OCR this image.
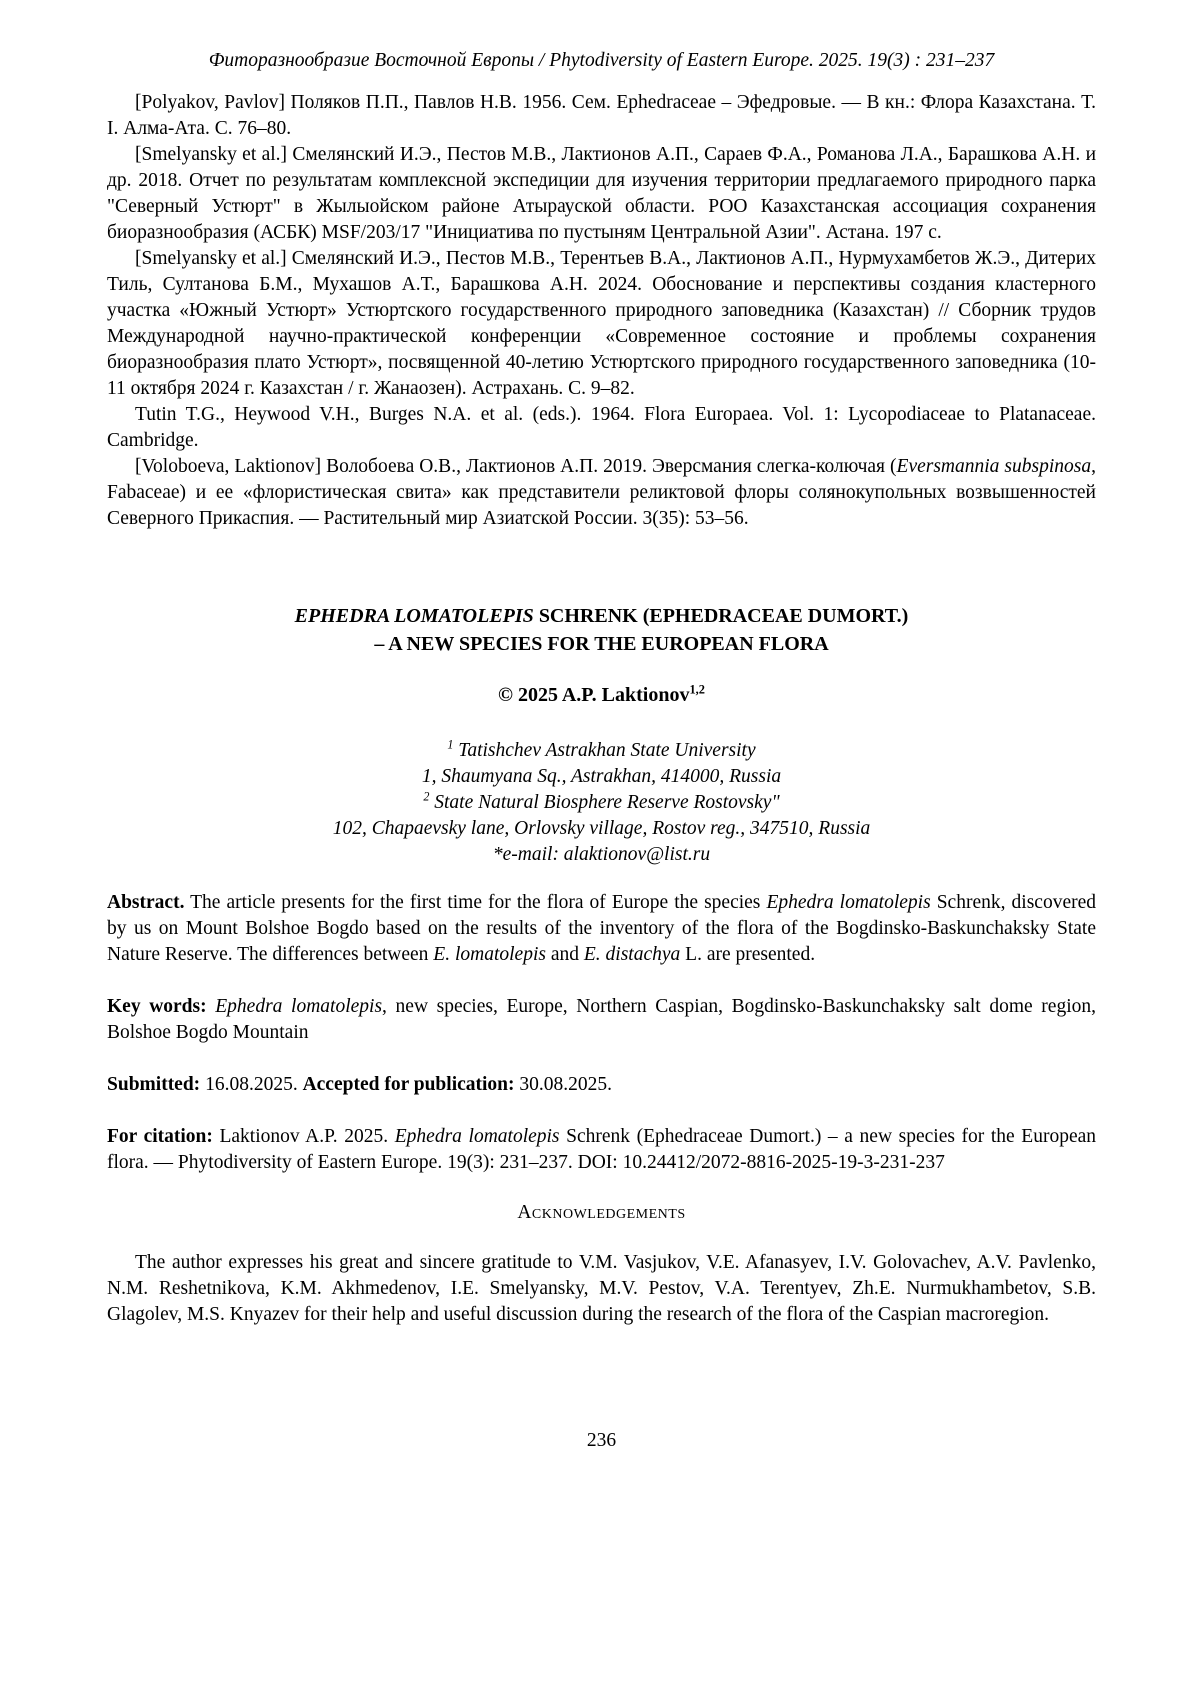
Фиторазнообразие Восточной Европы / Phytodiversity of Eastern Europe. 2025. 19(3) : 231–237

[Polyakov, Pavlov] Поляков П.П., Павлов Н.В. 1956. Сем. Ephedraceae – Эфедровые. — В кн.: Флора Казахстана. Т. I. Алма-Ата. С. 76–80.

[Smelyansky et al.] Смелянский И.Э., Пестов М.В., Лактионов А.П., Сараев Ф.А., Романова Л.А., Барашкова А.Н. и др. 2018. Отчет по результатам комплексной экспедиции для изучения территории предлагаемого природного парка "Северный Устюрт" в Жылыойском районе Атырауской области. РОО Казахстанская ассоциация сохранения биоразнообразия (АСБК) MSF/203/17 "Инициатива по пустыням Центральной Азии". Астана. 197 с.

[Smelyansky et al.] Смелянский И.Э., Пестов М.В., Терентьев В.А., Лактионов А.П., Нурмухамбетов Ж.Э., Дитерих Тиль, Султанова Б.М., Мухашов А.Т., Барашкова А.Н. 2024. Обоснование и перспективы создания кластерного участка «Южный Устюрт» Устюртского государственного природного заповедника (Казахстан) // Сборник трудов Международной научно-практической конференции «Современное состояние и проблемы сохранения биоразнообразия плато Устюрт», посвященной 40-летию Устюртского природного государственного заповедника (10-11 октября 2024 г. Казахстан / г. Жанаозен). Астрахань. С. 9–82.

Tutin T.G., Heywood V.H., Burges N.A. et al. (eds.). 1964. Flora Europaea. Vol. 1: Lycopodiaceae to Platanaceae. Cambridge.

[Voloboeva, Laktionov] Волобоева О.В., Лактионов А.П. 2019. Эверсмания слегка-колючая (Eversmannia subspinosa, Fabaceae) и ее «флористическая свита» как представители реликтовой флоры солянокупольных возвышенностей Северного Прикаспия. — Растительный мир Азиатской России. 3(35): 53–56.

EPHEDRA LOMATOLEPIS SCHRENK (EPHEDRACEAE DUMORT.)
– A NEW SPECIES FOR THE EUROPEAN FLORA
© 2025 A.P. Laktionov$^{1,2}$
$^1$ Tatishchev Astrakhan State University
1, Shaumyana Sq., Astrakhan, 414000, Russia
$^2$ State Natural Biosphere Reserve Rostovsky"
102, Chapaevsky lane, Orlovsky village, Rostov reg., 347510, Russia
*e-mail: alaktionov@list.ru

Abstract. The article presents for the first time for the flora of Europe the species Ephedra lomatolepis Schrenk, discovered by us on Mount Bolshoe Bogdo based on the results of the inventory of the flora of the Bogdinsko-Baskunchaksky State Nature Reserve. The differences between E. lomatolepis and E. distachya L. are presented.

Key words: Ephedra lomatolepis, new species, Europe, Northern Caspian, Bogdinsko-Baskunchaksky salt dome region, Bolshoe Bogdo Mountain

Submitted: 16.08.2025. Accepted for publication: 30.08.2025.

For citation: Laktionov A.P. 2025. Ephedra lomatolepis Schrenk (Ephedraceae Dumort.) – a new species for the European flora. — Phytodiversity of Eastern Europe. 19(3): 231–237. DOI: 10.24412/2072-8816-2025-19-3-231-237

Acknowledgements

The author expresses his great and sincere gratitude to V.M. Vasjukov, V.E. Afanasyev, I.V. Golovachev, A.V. Pavlenko, N.M. Reshetnikova, K.M. Akhmedenov, I.E. Smelyansky, M.V. Pestov, V.A. Terentyev, Zh.E. Nurmukhambetov, S.B. Glagolev, M.S. Knyazev for their help and useful discussion during the research of the flora of the Caspian macroregion.

236
